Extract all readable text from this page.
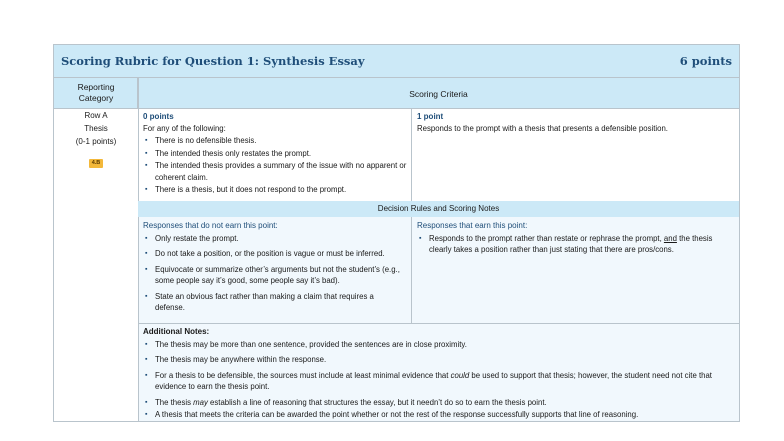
Scoring Rubric for Question 1: Synthesis Essay	6 points
Reporting
Category	Scoring Criteria
Row A
Thesis
(0-1 points)
4.B
0 points
For any of the following:
▪ There is no defensible thesis.
▪ The intended thesis only restates the prompt.
▪ The intended thesis provides a summary of the issue with no apparent or coherent claim.
▪ There is a thesis, but it does not respond to the prompt.
1 point
Responds to the prompt with a thesis that presents a defensible position.
Decision Rules and Scoring Notes
Responses that do not earn this point:
▪ Only restate the prompt.
▪ Do not take a position, or the position is vague or must be inferred.
▪ Equivocate or summarize other’s arguments but not the student’s (e.g., some people say it’s good, some people say it’s bad).
▪ State an obvious fact rather than making a claim that requires a defense.
Responses that earn this point:
▪ Responds to the prompt rather than restate or rephrase the prompt, and the thesis clearly takes a position rather than just stating that there are pros/cons.
Additional Notes:
▪ The thesis may be more than one sentence, provided the sentences are in close proximity.
▪ The thesis may be anywhere within the response.
▪ For a thesis to be defensible, the sources must include at least minimal evidence that could be used to support that thesis; however, the student need not cite that evidence to earn the thesis point.
▪ The thesis may establish a line of reasoning that structures the essay, but it needn’t do so to earn the thesis point.
▪ A thesis that meets the criteria can be awarded the point whether or not the rest of the response successfully supports that line of reasoning.
